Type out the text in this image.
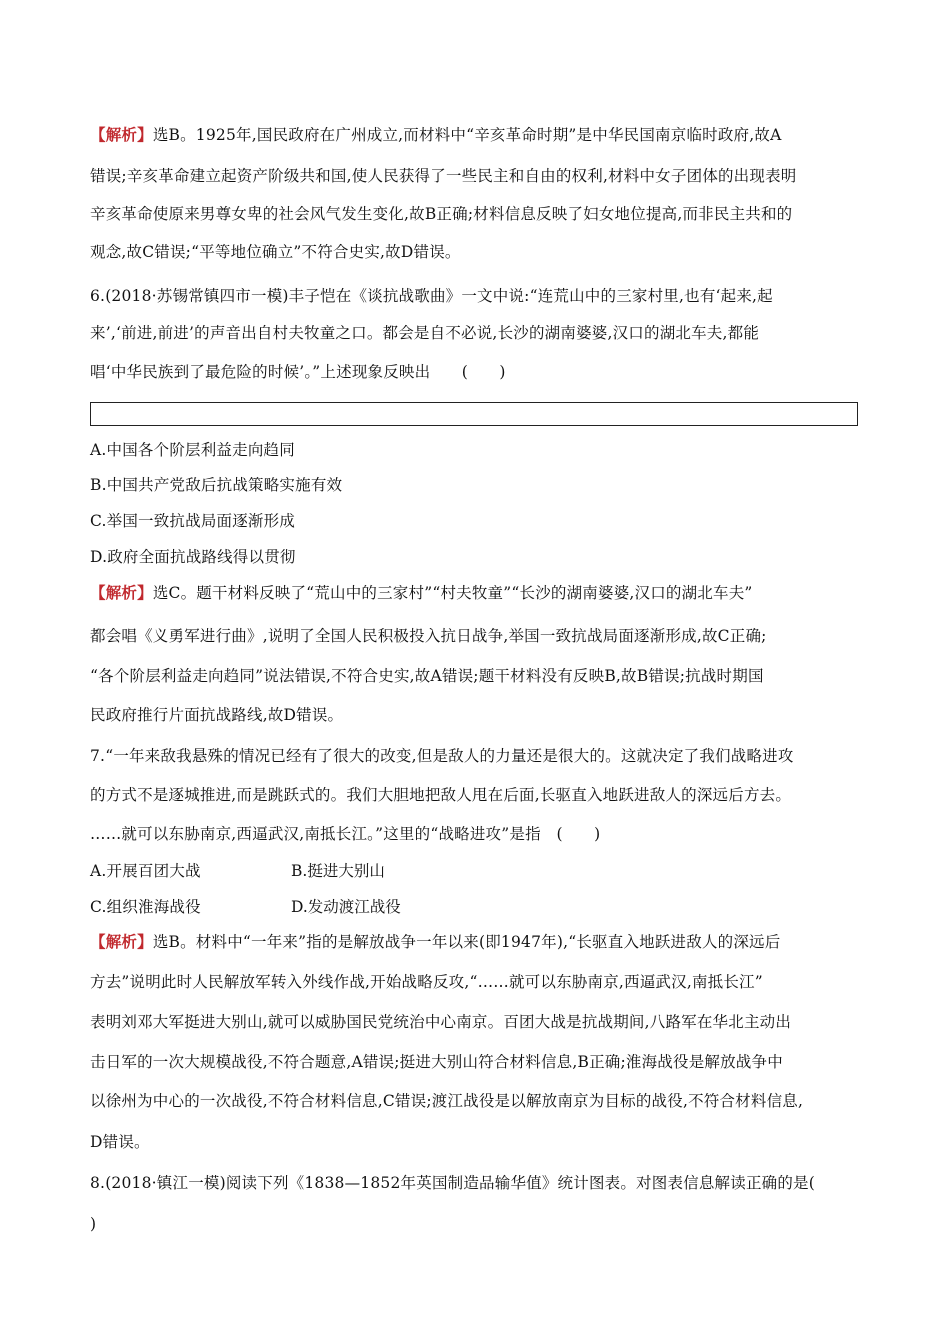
【解析】选B。1925年,国民政府在广州成立,而材料中“辛亥革命时期”是中华民国南京临时政府,故A
错误;辛亥革命建立起资产阶级共和国,使人民获得了一些民主和自由的权利,材料中女子团体的出现表明
辛亥革命使原来男尊女卑的社会风气发生变化,故B正确;材料信息反映了妇女地位提高,而非民主共和的
观念,故C错误;“平等地位确立”不符合史实,故D错误。
6.(2018·苏锡常镇四市一模)丰子恺在《谈抗战歌曲》一文中说:“连荒山中的三家村里,也有‘起来,起
来’,‘前进,前进’的声音出自村夫牧童之口。都会是自不必说,长沙的湖南婆婆,汉口的湖北车夫,都能
唱‘中华民族到了最危险的时候’。”上述现象反映出　　(　　)
A.中国各个阶层利益走向趋同
B.中国共产党敌后抗战策略实施有效
C.举国一致抗战局面逐渐形成
D.政府全面抗战路线得以贯彻
【解析】选C。题干材料反映了“荒山中的三家村”“村夫牧童”“长沙的湖南婆婆,汉口的湖北车夫”
都会唱《义勇军进行曲》,说明了全国人民积极投入抗日战争,举国一致抗战局面逐渐形成,故C正确;
“各个阶层利益走向趋同”说法错误,不符合史实,故A错误;题干材料没有反映B,故B错误;抗战时期国
民政府推行片面抗战路线,故D错误。
7.“一年来敌我悬殊的情况已经有了很大的改变,但是敌人的力量还是很大的。这就决定了我们战略进攻
的方式不是逐城推进,而是跳跃式的。我们大胆地把敌人甩在后面,长驱直入地跃进敌人的深远后方去。
……就可以东胁南京,西逼武汉,南抵长江。”这里的“战略进攻”是指　(　　)
A.开展百团大战	B.挺进大别山
C.组织淮海战役	D.发动渡江战役
【解析】选B。材料中“一年来”指的是解放战争一年以来(即1947年),“长驱直入地跃进敌人的深远后
方去”说明此时人民解放军转入外线作战,开始战略反攻,“……就可以东胁南京,西逼武汉,南抵长江”
表明刘邓大军挺进大别山,就可以威胁国民党统治中心南京。百团大战是抗战期间,八路军在华北主动出
击日军的一次大规模战役,不符合题意,A错误;挺进大别山符合材料信息,B正确;淮海战役是解放战争中
以徐州为中心的一次战役,不符合材料信息,C错误;渡江战役是以解放南京为目标的战役,不符合材料信息,
D错误。
8.(2018·镇江一模)阅读下列《1838—1852年英国制造品输华值》统计图表。对图表信息解读正确的是(
)
